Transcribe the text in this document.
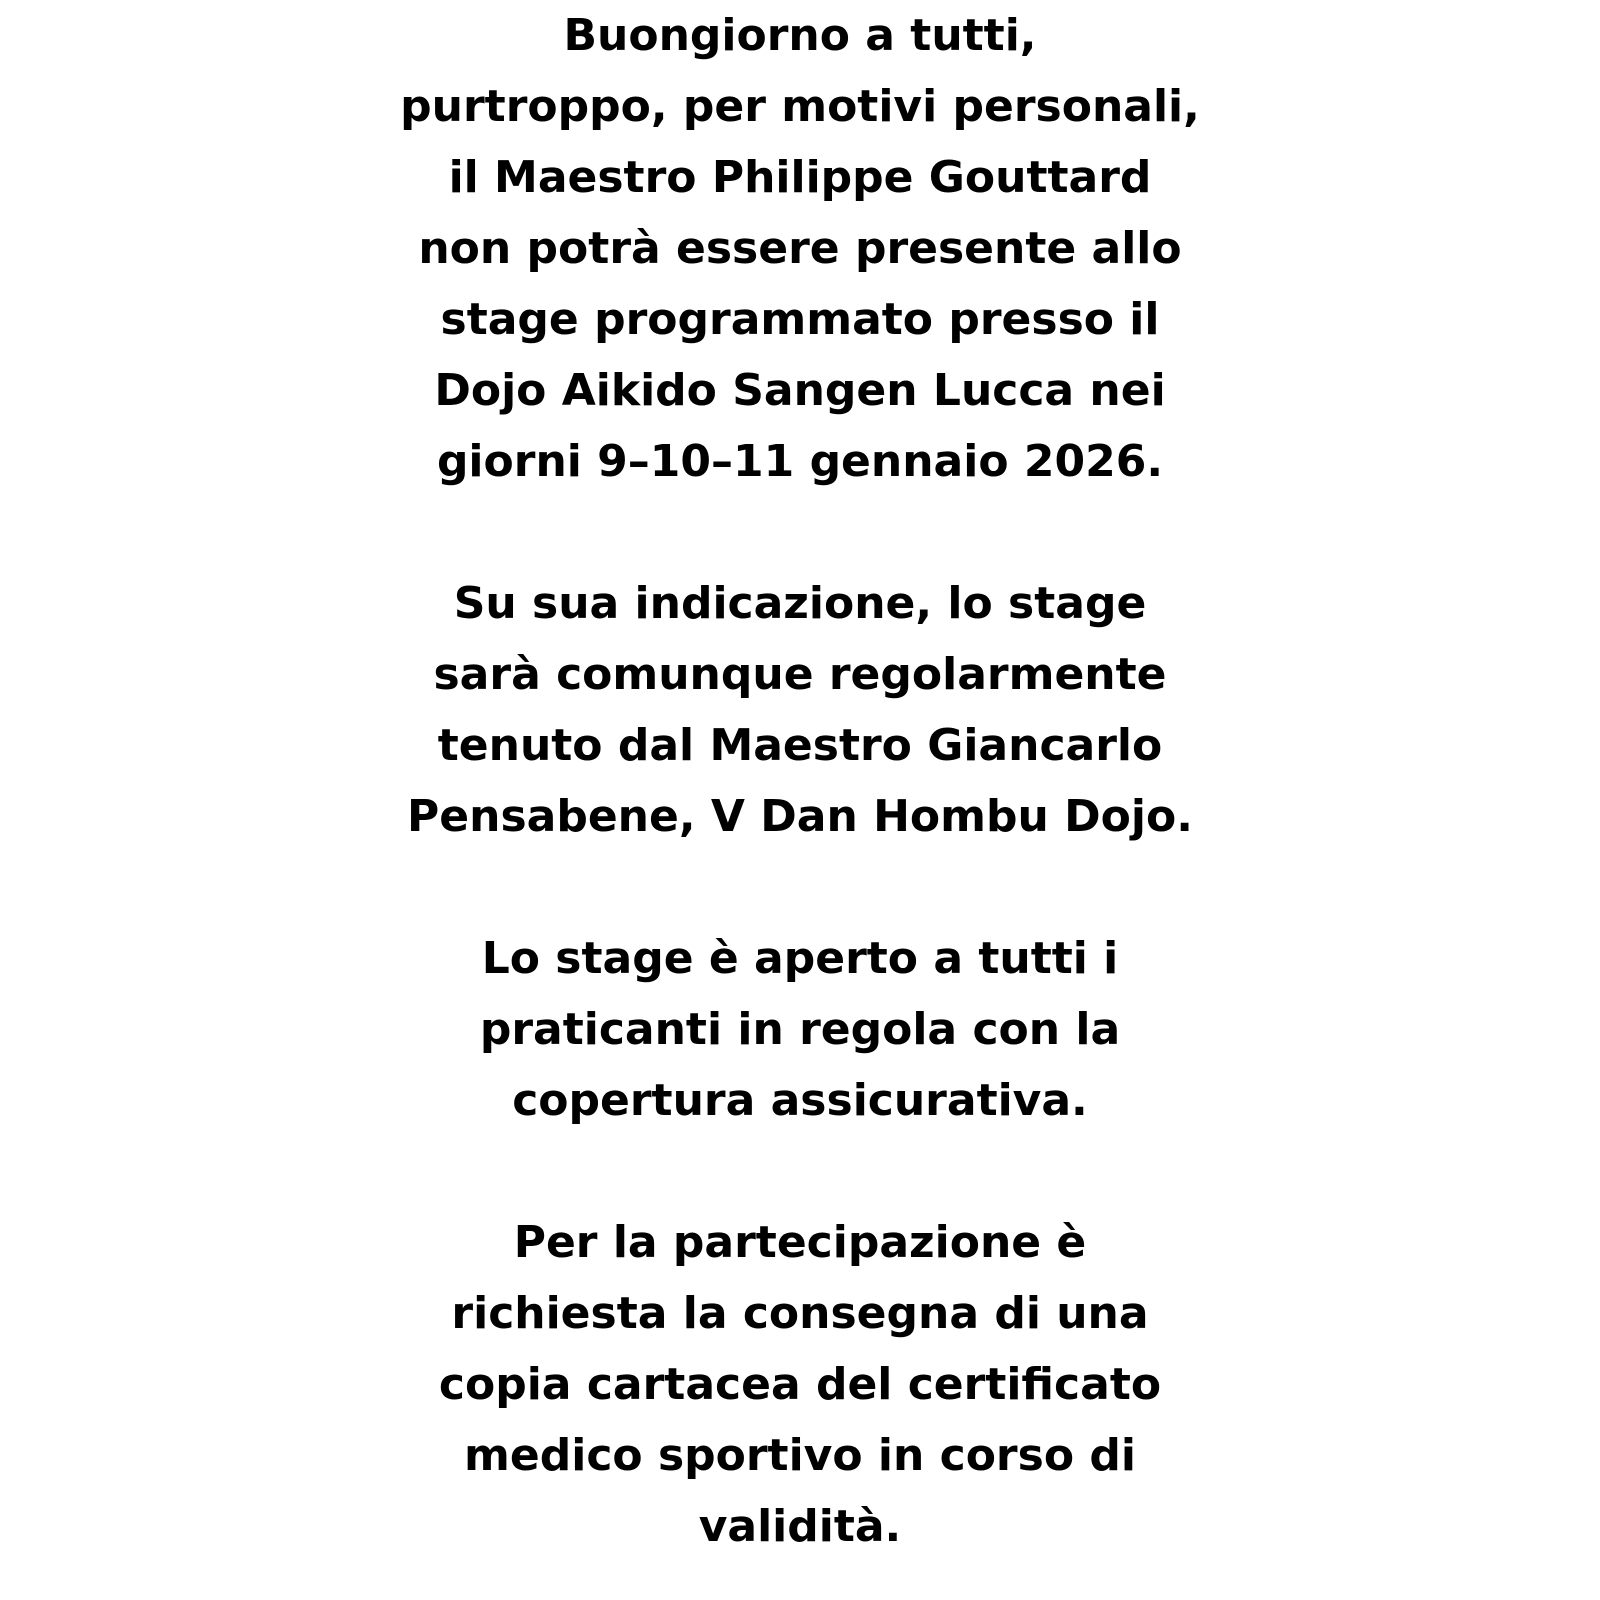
Buongiorno a tutti,
purtroppo, per motivi personali,
il Maestro Philippe Gouttard
non potrà essere presente allo
stage programmato presso il
Dojo Aikido Sangen Lucca nei
giorni 9–10–11 gennaio 2026.
Su sua indicazione, lo stage
sarà comunque regolarmente
tenuto dal Maestro Giancarlo
Pensabene, V Dan Hombu Dojo.
Lo stage è aperto a tutti i
praticanti in regola con la
copertura assicurativa.
Per la partecipazione è
richiesta la consegna di una
copia cartacea del certificato
medico sportivo in corso di
validità.
